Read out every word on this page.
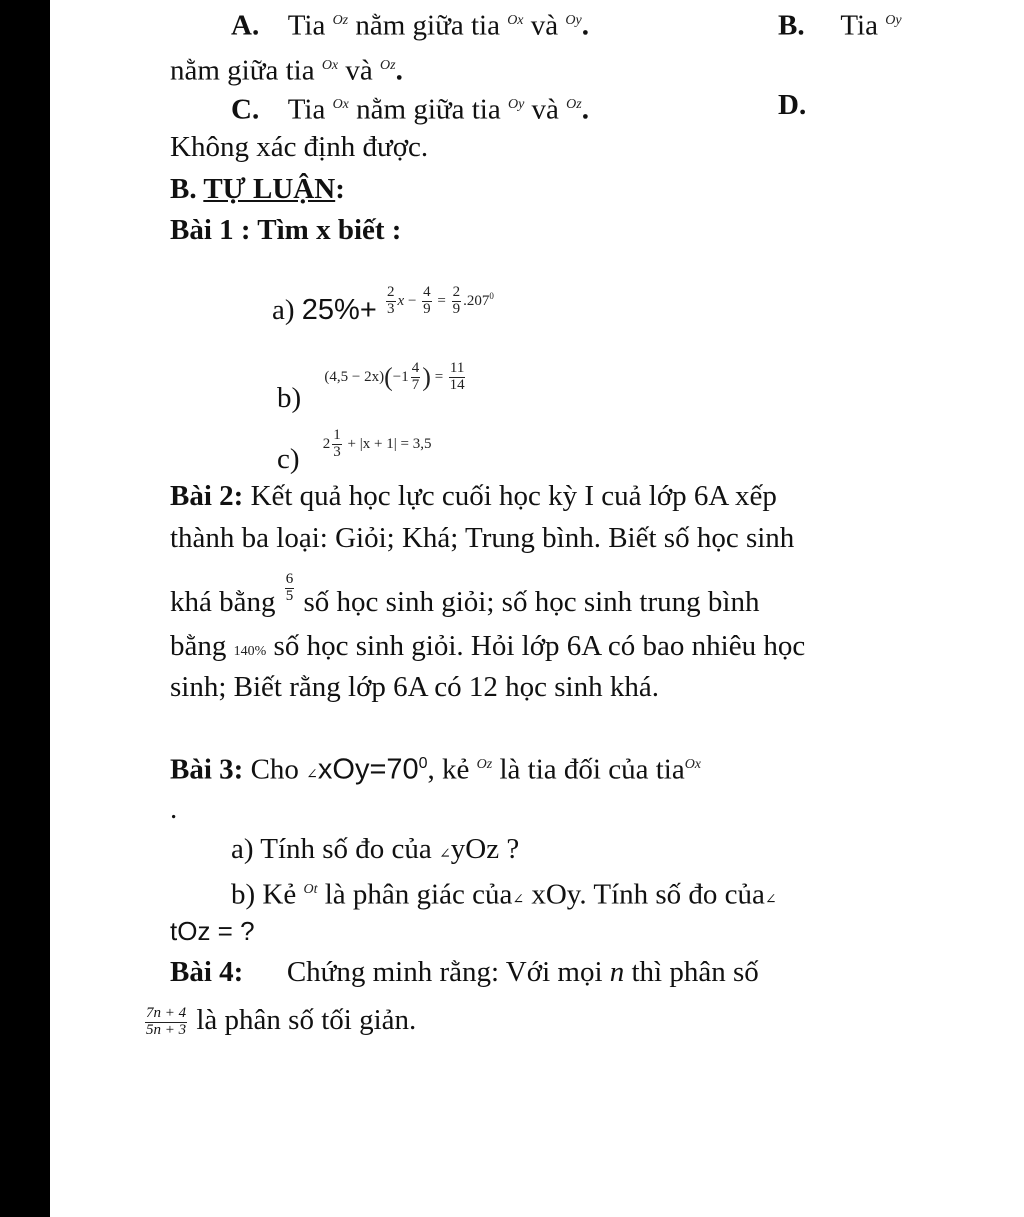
A. Tia $^{Oz}$ nằm giữa tia $^{Ox}$ và $^{Oy}$.	B. Tia $^{Oy}$
nằm giữa tia $^{Ox}$ và $^{Oz}$.
C. Tia $^{Ox}$ nằm giữa tia $^{Oy}$ và $^{Oz}$.	D.
Không xác định được.
B. TỰ LUẬN:
Bài 1 : Tìm x biết :
a) 25%+ $^{\frac{2}{3} x - \frac{4}{9} = \frac{2}{9} .207^0}$
b) $^{(4,5 - 2x)(-1 \frac{4}{7} ) = \frac{11}{14}}$
c) $^{2 \frac{1}{3} + |x + 1| = 3,5}$
Bài 2: Kết quả học lực cuối học kỳ I cuả lớp 6A xếp
thành ba loại: Giỏi; Khá; Trung bình. Biết số học sinh
khá bằng $\frac{6}{5}$ số học sinh giỏi; số học sinh trung bình
bằng 140% số học sinh giỏi. Hỏi lớp 6A có bao nhiêu học
sinh; Biết rằng lớp 6A có 12 học sinh khá.
Bài 3: Cho $\angle xOy=70^0$, kẻ $^{Oz}$ là tia đối của tia$^{Ox}$
.
a) Tính số đo của ∠yOz ?
b) Kẻ $^{Ot}$ là phân giác của∠ xOy. Tính số đo của∠
tOz = ?
Bài 4: Chứng minh rằng: Với mọi n thì phân số
$\frac{7n + 4}{5n + 3}$ là phân số tối giản.
